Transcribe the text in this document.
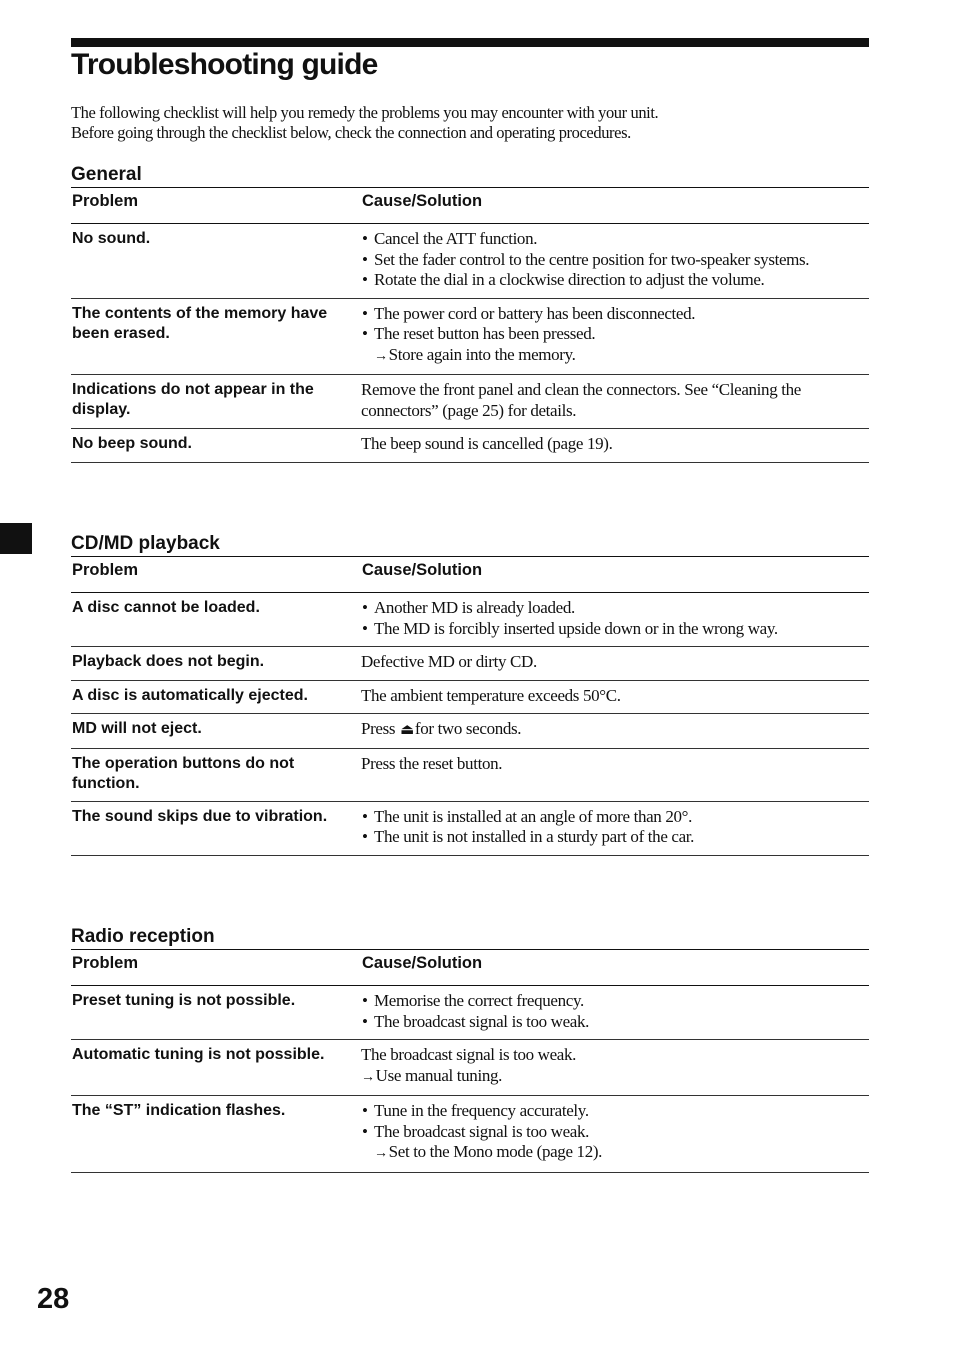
Troubleshooting guide

The following checklist will help you remedy the problems you may encounter with your unit.

Before going through the checklist below, check the connection and operating procedures.

General
Problem	Cause/Solution
No sound.	• Cancel the ATT function.
• Set the fader control to the centre position for two-speaker systems.
• Rotate the dial in a clockwise direction to adjust the volume.

The contents of the memory have been erased.	• The power cord or battery has been disconnected.
• The reset button has been pressed.
→Store again into the memory.

Indications do not appear in the display.	Remove the front panel and clean the connectors. See “Cleaning the connectors” (page 25) for details.

No beep sound.	The beep sound is cancelled (page 19).
CD/MD playback
Problem	Cause/Solution
A disc cannot be loaded.	• Another MD is already loaded.
• The MD is forcibly inserted upside down or in the wrong way.

Playback does not begin.	Defective MD or dirty CD.

A disc is automatically ejected.	The ambient temperature exceeds 50°C.

MD will not eject.	Press ⏏for two seconds.

The operation buttons do not function.	Press the reset button.

The sound skips due to vibration.	• The unit is installed at an angle of more than 20°.
• The unit is not installed in a sturdy part of the car.
Radio reception
Problem	Cause/Solution
Preset tuning is not possible.	• Memorise the correct frequency.
• The broadcast signal is too weak.

Automatic tuning is not possible.	The broadcast signal is too weak.
→Use manual tuning.

The “ST” indication flashes.	• Tune in the frequency accurately.
• The broadcast signal is too weak.
→Set to the Mono mode (page 12).
28
